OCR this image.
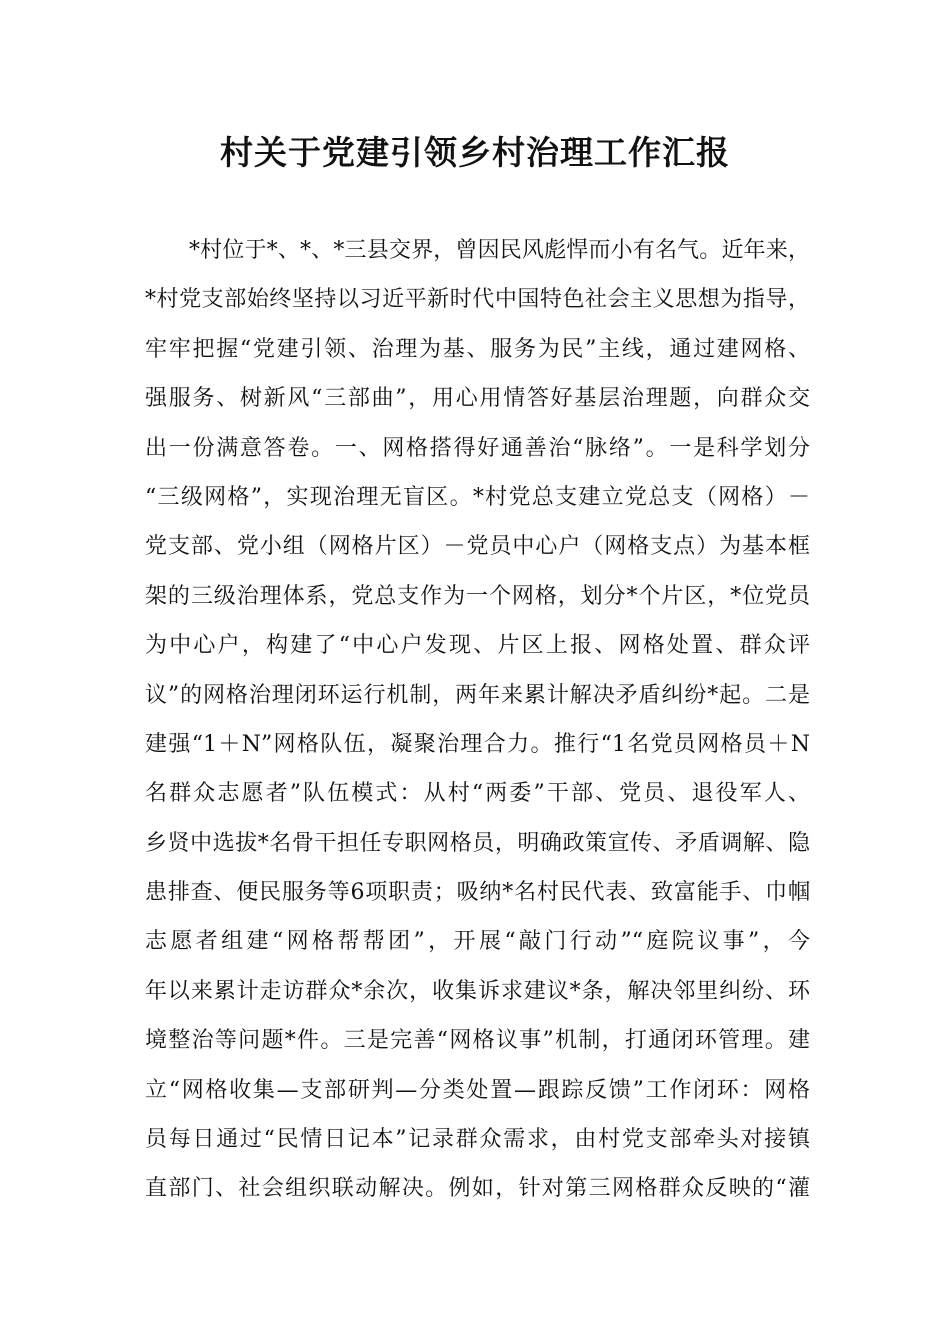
村关于党建引领乡村治理工作汇报
*村位于*、*、*三县交界，曾因民风彪悍而小有名气。近年来，
*村党支部始终坚持以习近平新时代中国特色社会主义思想为指导，
牢牢把握“党建引领、治理为基、服务为民”主线，通过建网格、
强服务、树新风“三部曲”，用心用情答好基层治理题，向群众交
出一份满意答卷。一、网格搭得好通善治“脉络”。一是科学划分
“三级网格”，实现治理无盲区。*村党总支建立党总支（网格）－
党支部、党小组（网格片区）－党员中心户（网格支点）为基本框
架的三级治理体系，党总支作为一个网格，划分*个片区，*位党员
为中心户，构建了“中心户发现、片区上报、网格处置、群众评
议”的网格治理闭环运行机制，两年来累计解决矛盾纠纷*起。二是
建强“1＋N”网格队伍，凝聚治理合力。推行“1名党员网格员＋N
名群众志愿者”队伍模式：从村“两委”干部、党员、退役军人、
乡贤中选拔*名骨干担任专职网格员，明确政策宣传、矛盾调解、隐
患排查、便民服务等6项职责；吸纳*名村民代表、致富能手、巾帼
志愿者组建“网格帮帮团”，开展“敲门行动”“庭院议事”，今
年以来累计走访群众*余次，收集诉求建议*条，解决邻里纠纷、环
境整治等问题*件。三是完善“网格议事”机制，打通闭环管理。建
立“网格收集—支部研判—分类处置—跟踪反馈”工作闭环：网格
员每日通过“民情日记本”记录群众需求，由村党支部牵头对接镇
直部门、社会组织联动解决。例如，针对第三网格群众反映的“灌
